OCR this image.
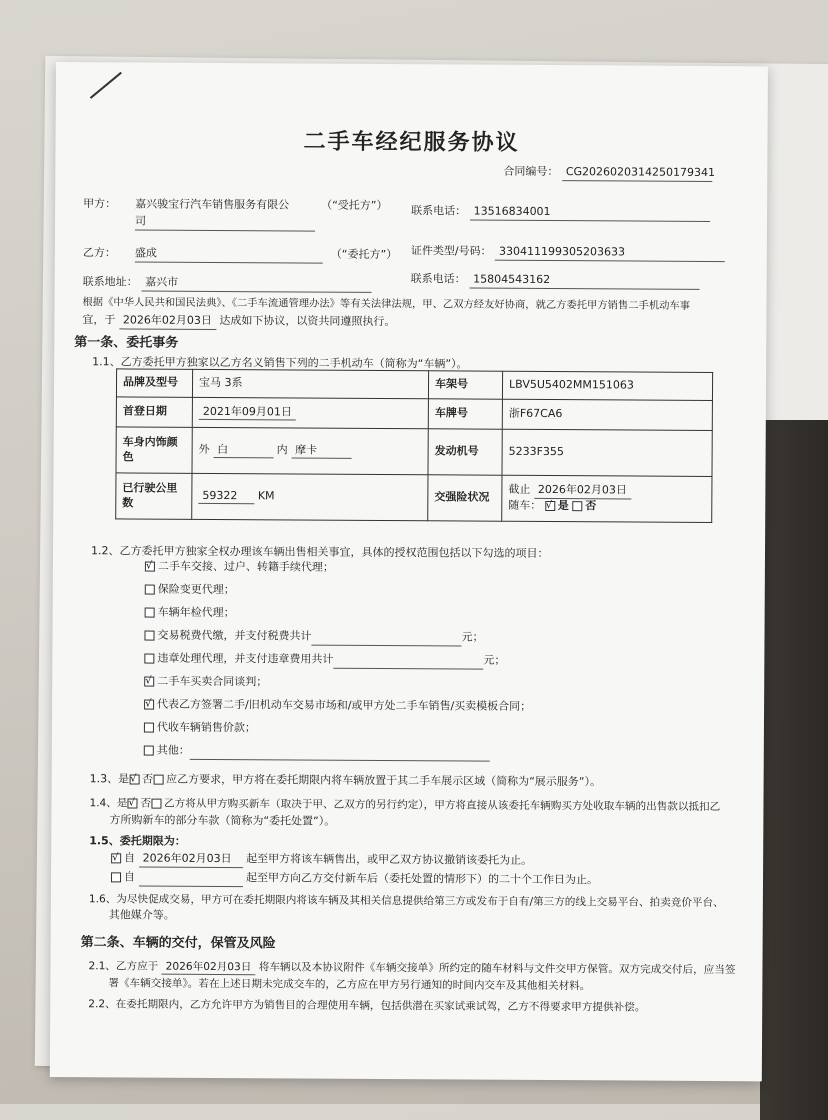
二手车经纪服务协议
合同编号： CG20260203142501793​41
甲方： 嘉兴骏宝行汽车销售服务有限公
司
（“受托方”） 联系电话： 13516834001
乙方： 盛成	（“委托方”） 证件类型/号码： 330411199305203633
联系地址： 嘉兴市	联系电话： 15804543162
根据《中华人民共和国民法典》、《二手车流通管理办法》等有关法律法规，甲、乙双方经友好协商，就乙方委托甲方销售二手机动车事
宜，于 2026年02月03日 达成如下协议，以资共同遵照执行。
第一条、委托事务
1.1、乙方委托甲方独家以乙方名义销售下列的二手机动车（简称为“车辆”）。
品牌及型号	宝马 3系	车架号	LBV5U5402MM151063
首登日期	2021年09月01日	车牌号	浙F67CA6
车身内饰颜色	外 白 内 摩卡	发动机号	5233F355
已行驶公里数	59322 KM	交强险状况	截止 2026年02月03日
随车： √ 是 否
1.2、乙方委托甲方独家全权办理该车辆出售相关事宜，具体的授权范围包括以下勾选的项目：
√二手车交接、过户、转籍手续代理；
保险变更代理；
车辆年检代理；
交易税费代缴，并支付税费共计	元；
违章处理代理，并支付违章费用共计	元；
√二手车买卖合同谈判；
√代表乙方签署二手/旧机动车交易市场和/或甲方处二手车销售/买卖模板合同；
代收车辆销售价款；
其他：
1.3、是 √ 否 应乙方要求，甲方将在委托期限内将车辆放置于其二手车展示区域（简称为“展示服务”）。
1.4、是 √ 否 乙方将从甲方购买新车（取决于甲、乙双方的另行约定），甲方将直接从该委托车辆购买方处收取车辆的出售款以抵扣乙
方所购新车的部分车款（简称为“委托处置”）。
1.5、委托期限为：
√自 2026年02月03日 起至甲方将该车辆售出，或甲乙双方协议撤销该委托为止。
自	起至甲方向乙方交付新车后（委托处置的情形下）的二十个工作日为止。
1.6、为尽快促成交易，甲方可在委托期限内将该车辆及其相关信息提供给第三方或发布于自有/第三方的线上交易平台、拍卖竞价平台、
其他媒介等。
第二条、车辆的交付，保管及风险
2.1、乙方应于 2026年02月03日 将车辆以及本协议附件《车辆交接单》所约定的随车材料与文件交甲方保管。双方完成交付后，应当签
署《车辆交接单》。若在上述日期未完成交车的，乙方应在甲方另行通知的时间内交车及其他相关材料。
2.2、在委托期限内，乙方允许甲方为销售目的合理使用车辆，包括供潜在买家试乘试驾，乙方不得要求甲方提供补偿。
